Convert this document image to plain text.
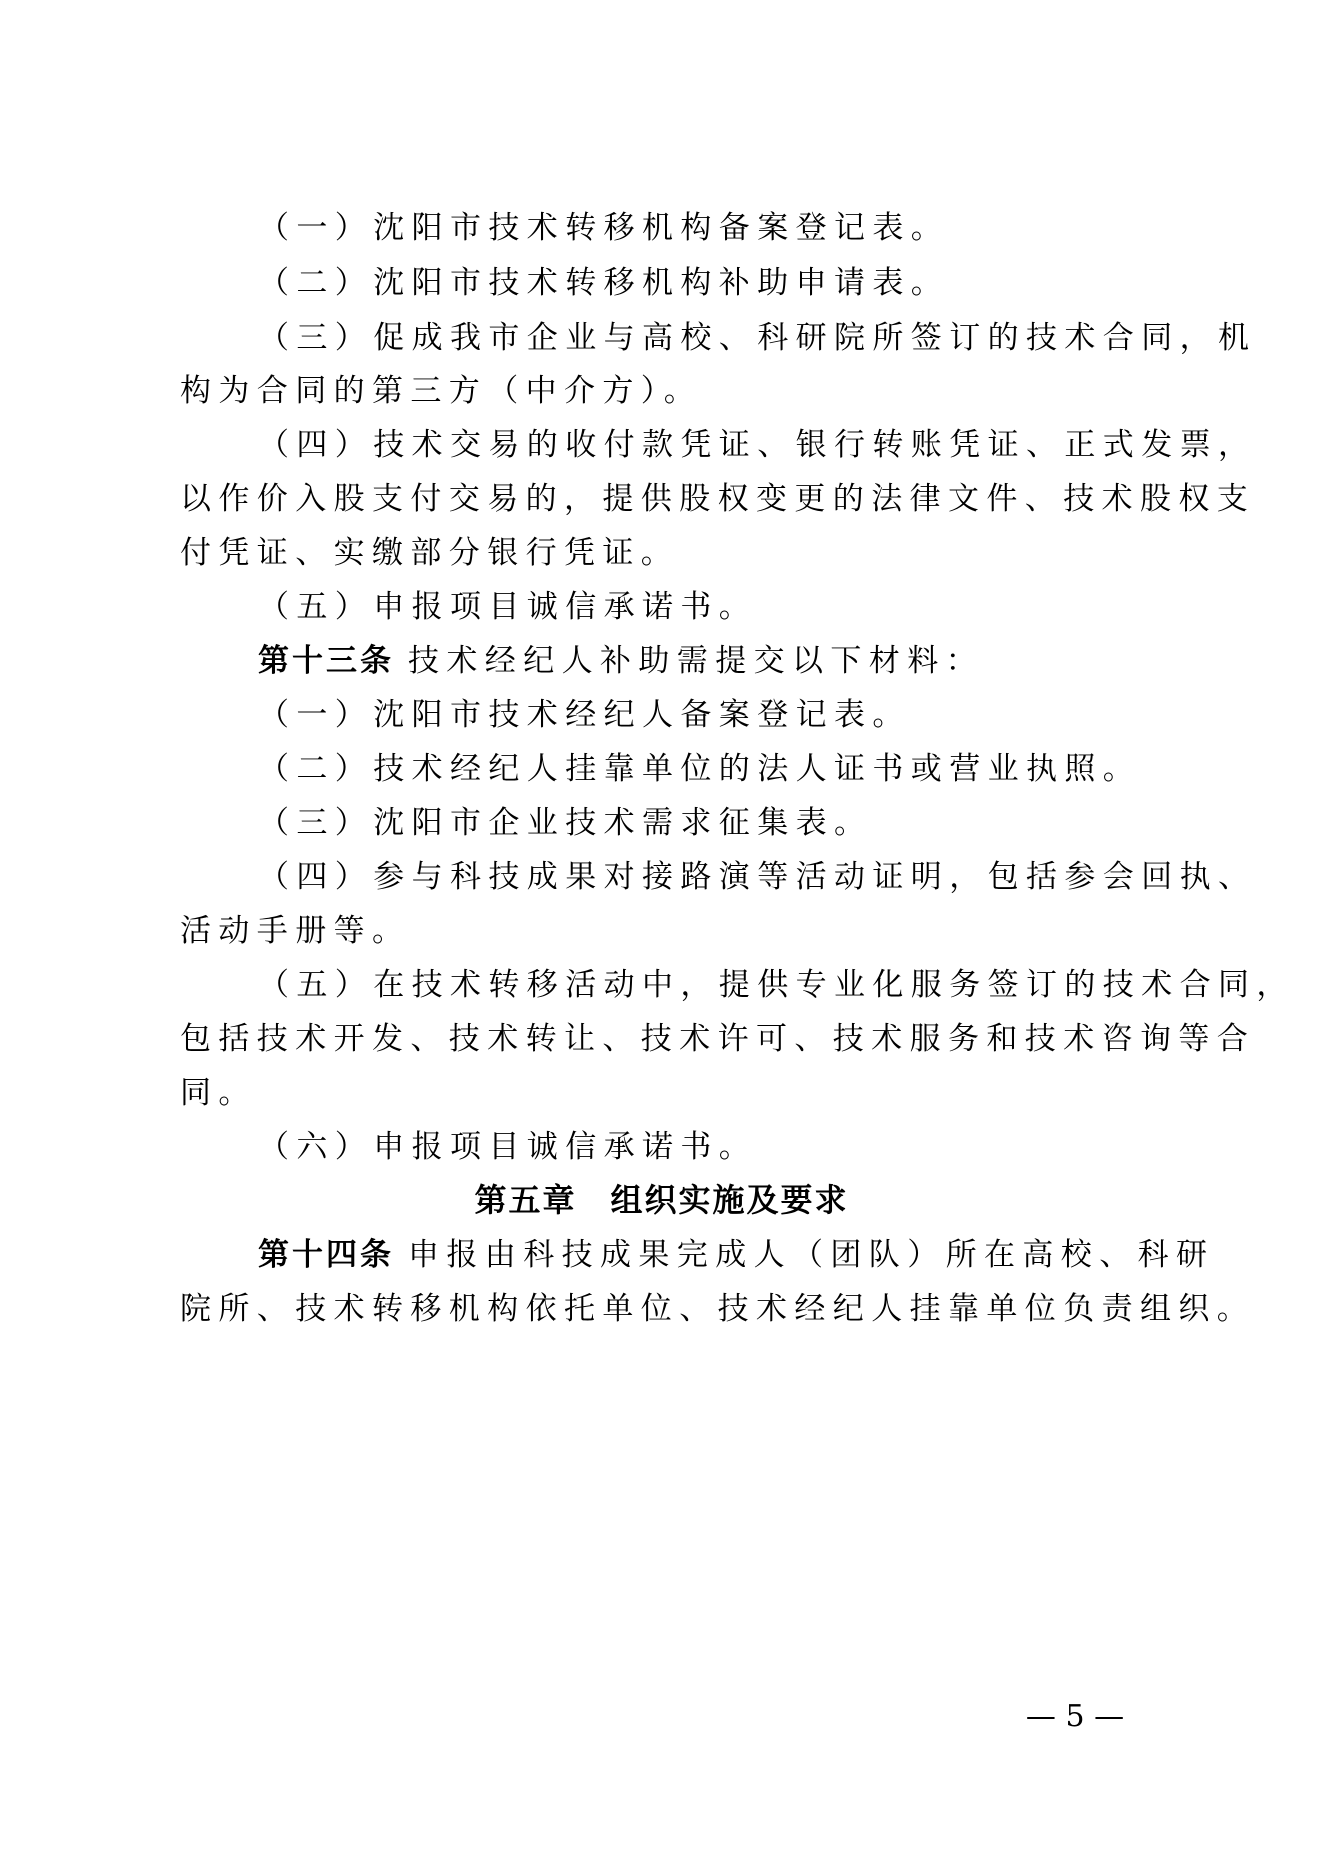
（一）沈阳市技术转移机构备案登记表。
（二）沈阳市技术转移机构补助申请表。
（三）促成我市企业与高校、科研院所签订的技术合同，机
构为合同的第三方（中介方）。
（四）技术交易的收付款凭证、银行转账凭证、正式发票，
以作价入股支付交易的，提供股权变更的法律文件、技术股权支
付凭证、实缴部分银行凭证。
（五）申报项目诚信承诺书。
第十三条 技术经纪人补助需提交以下材料：
（一）沈阳市技术经纪人备案登记表。
（二）技术经纪人挂靠单位的法人证书或营业执照。
（三）沈阳市企业技术需求征集表。
（四）参与科技成果对接路演等活动证明，包括参会回执、
活动手册等。
（五）在技术转移活动中，提供专业化服务签订的技术合同，
包括技术开发、技术转让、技术许可、技术服务和技术咨询等合
同。
（六）申报项目诚信承诺书。
第五章　组织实施及要求
第十四条 申报由科技成果完成人（团队）所在高校、科研
院所、技术转移机构依托单位、技术经纪人挂靠单位负责组织。
— 5 —
